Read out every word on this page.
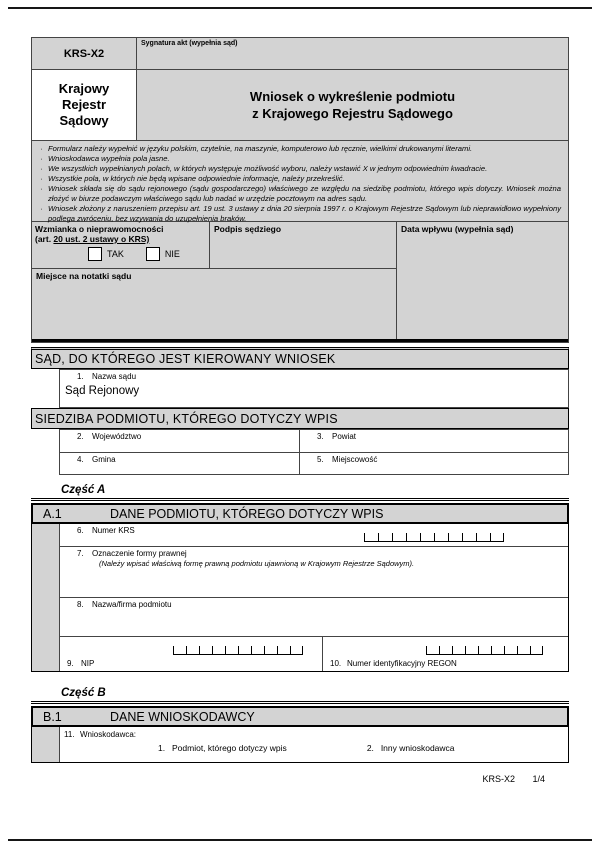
KRS-X2
Sygnatura akt (wypełnia sąd)
Krajowy
Rejestr
Sądowy
Wniosek o wykreślenie podmiotu
z Krajowego Rejestru Sądowego
· Formularz należy wypełnić w języku polskim, czytelnie, na maszynie, komputerowo lub ręcznie, wielkimi drukowanymi literami.
· Wnioskodawca wypełnia pola jasne.
· We wszystkich wypełnianych polach, w których występuje możliwość wyboru, należy wstawić X w jednym odpowiednim kwadracie.
· Wszystkie pola, w których nie będą wpisane odpowiednie informacje, należy przekreślić.
· Wniosek składa się do sądu rejonowego (sądu gospodarczego) właściwego ze względu na siedzibę podmiotu, którego wpis dotyczy. Wniosek można złożyć w biurze podawczym właściwego sądu lub nadać w urzędzie pocztowym na adres sądu.
· Wniosek złożony z naruszeniem przepisu art. 19 ust. 3 ustawy z dnia 20 sierpnia 1997 r. o Krajowym Rejestrze Sądowym lub nieprawidłowo wypełniony podlega zwróceniu, bez wzywania do uzupełnienia braków.
Wzmianka o nieprawomocności
(art. 20 ust. 2 ustawy o KRS)
TAK	NIE
Podpis sędziego	Data wpływu (wypełnia sąd)
Miejsce na notatki sądu
SĄD, DO KTÓREGO JEST KIEROWANY WNIOSEK
1.	Nazwa sądu
Sąd Rejonowy
SIEDZIBA PODMIOTU, KTÓREGO DOTYCZY WPIS
2.	Województwo	3.	Powiat
4.	Gmina	5.	Miejscowość
Część A
A.1	DANE PODMIOTU, KTÓREGO DOTYCZY WPIS
6.	Numer KRS
7.	Oznaczenie formy prawnej
(Należy wpisać właściwą formę prawną podmiotu ujawnioną w Krajowym Rejestrze Sądowym).
8.	Nazwa/firma podmiotu
9. NIP	10. Numer identyfikacyjny REGON
Część B
B.1	DANE WNIOSKODAWCY
11. Wnioskodawca:
1. Podmiot, którego dotyczy wpis	2. Inny wnioskodawca
KRS-X2 1/4
